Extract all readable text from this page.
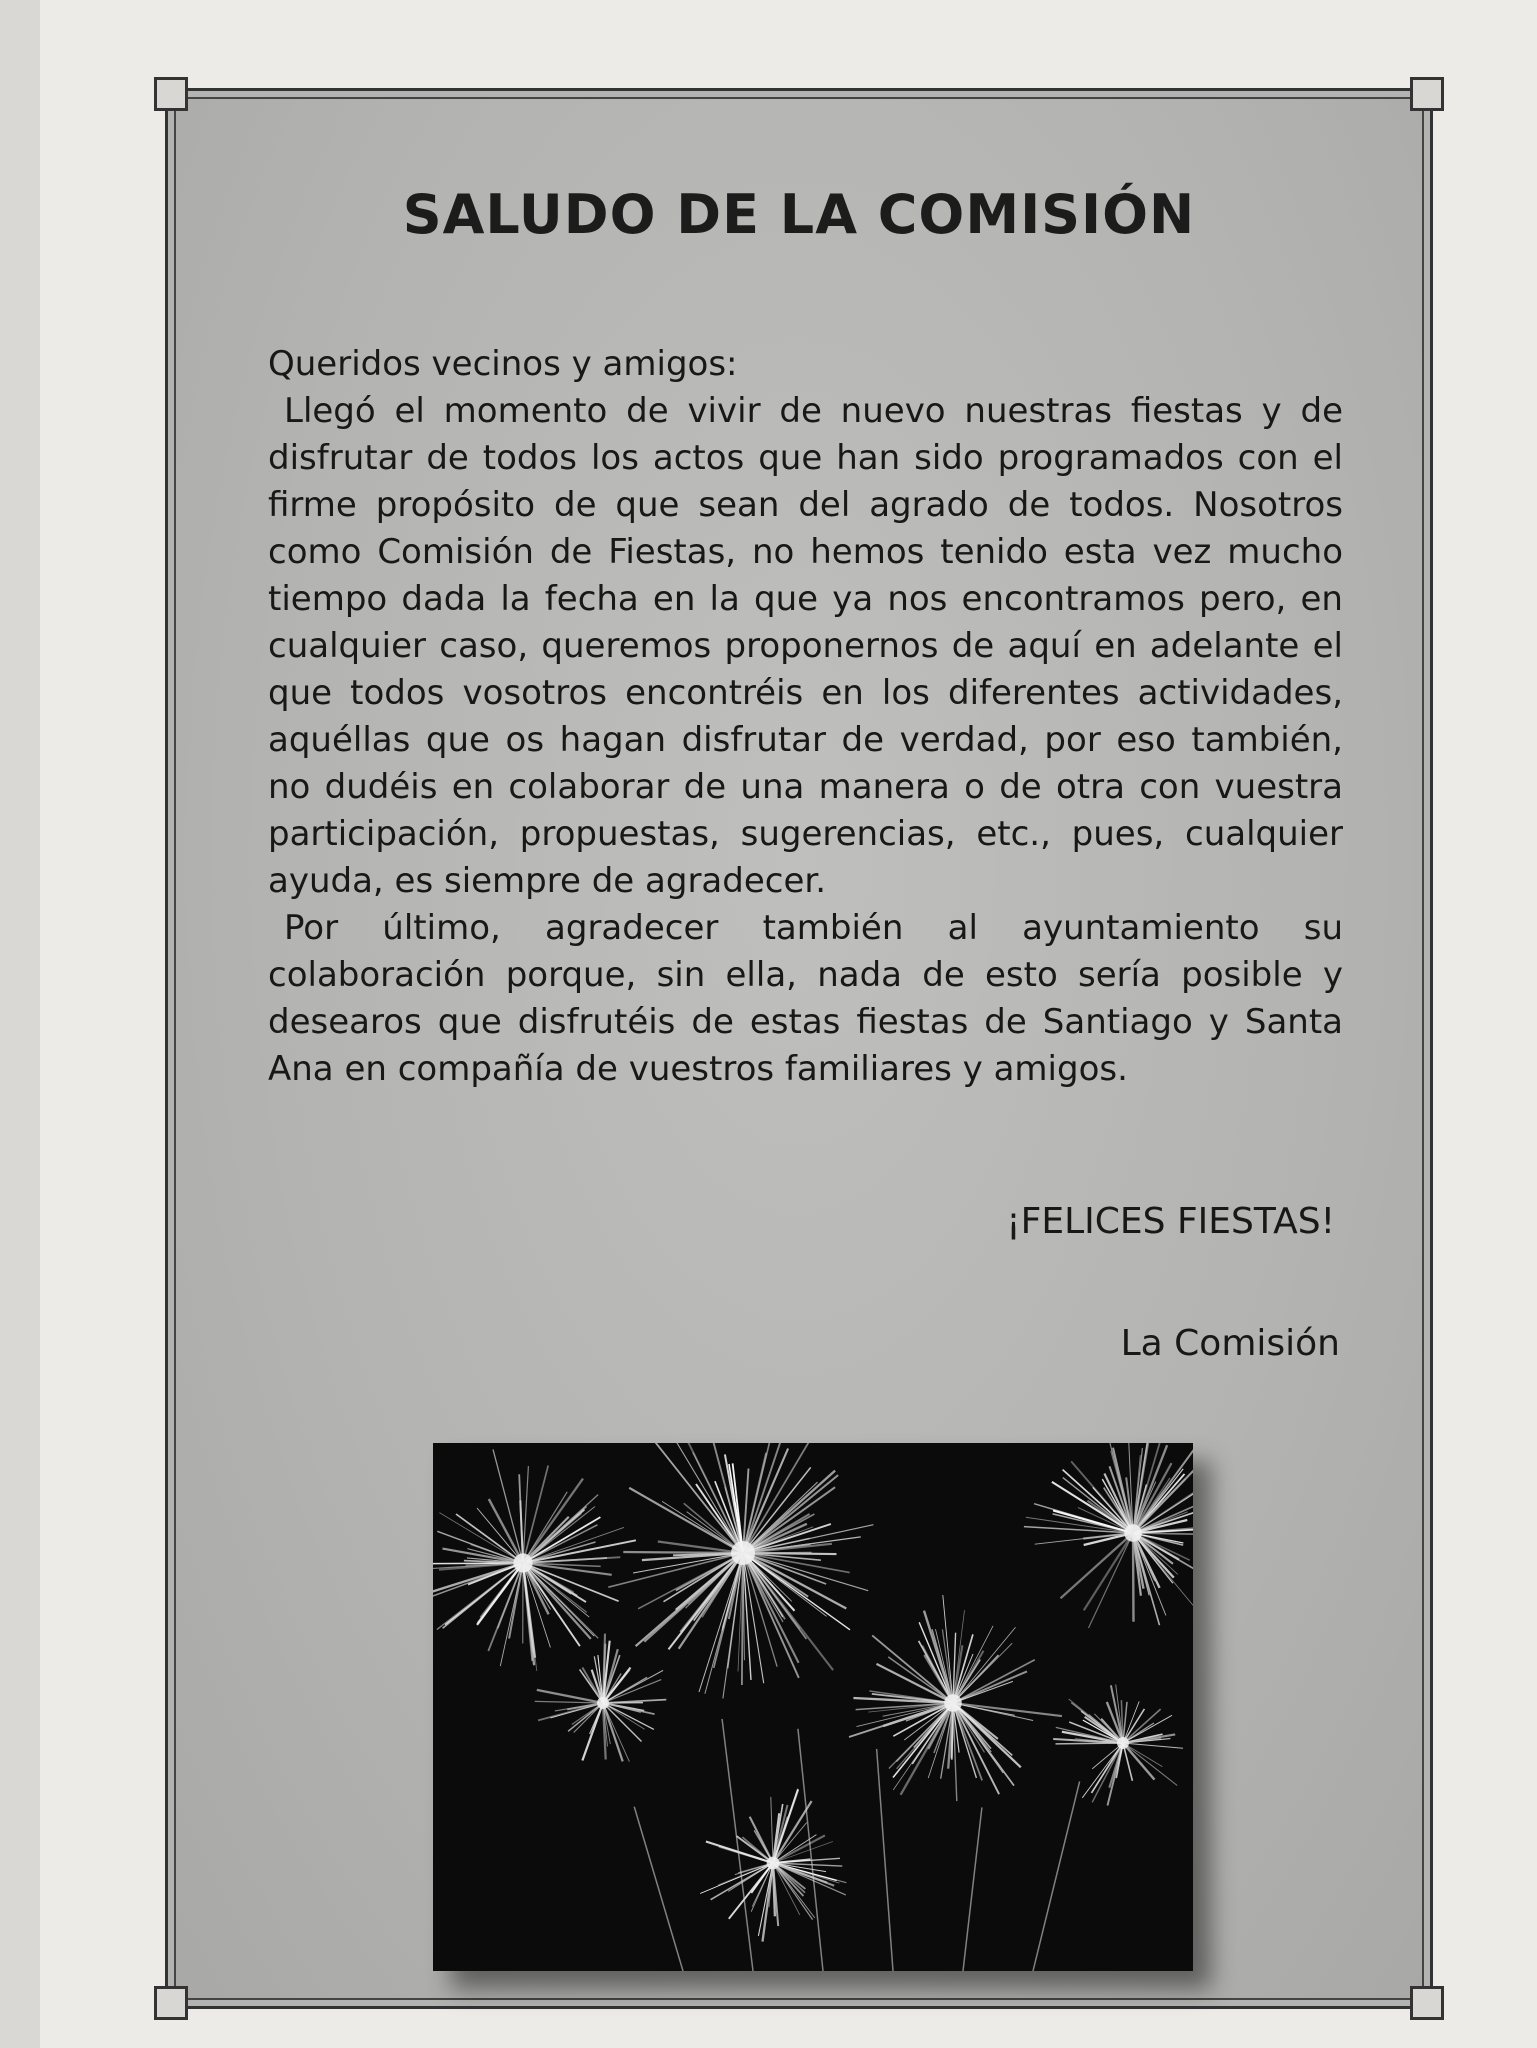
SALUDO DE LA COMISIÓN

Queridos vecinos y amigos:

Llegó el momento de vivir de nuevo nuestras fiestas y de disfrutar de todos los actos que han sido programados con el firme propósito de que sean del agrado de todos. Nosotros como Comisión de Fiestas, no hemos tenido esta vez mucho tiempo dada la fecha en la que ya nos encontramos pero, en cualquier caso, queremos proponernos de aquí en adelante el que todos vosotros encontréis en los diferentes actividades, aquéllas que os hagan disfrutar de verdad, por eso también, no dudéis en colaborar de una manera o de otra con vuestra participación, propuestas, sugerencias, etc., pues, cualquier ayuda, es siempre de agradecer.

Por último, agradecer también al ayuntamiento su colaboración porque, sin ella, nada de esto sería posible y desearos que disfrutéis de estas fiestas de Santiago y Santa Ana en compañía de vuestros familiares y amigos.

¡FELICES FIESTAS!
La Comisión
